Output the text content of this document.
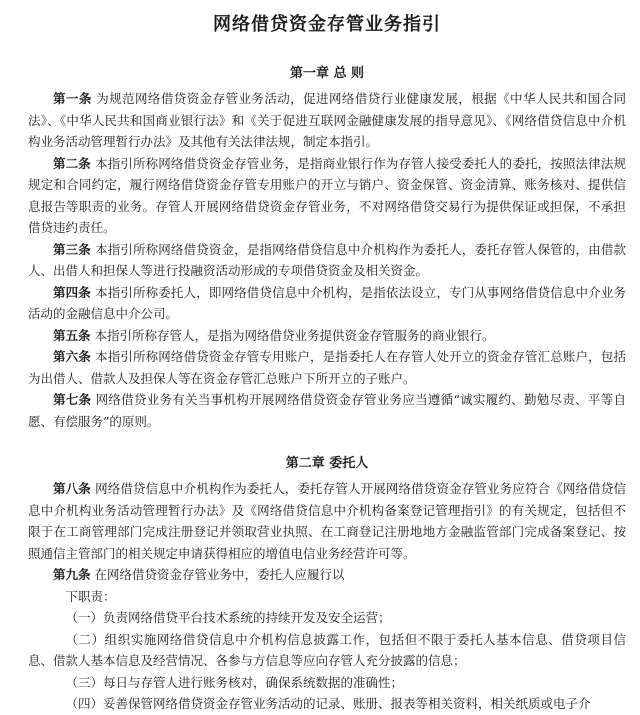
网络借贷资金存管业务指引
第一章 总 则

第一条 为规范网络借贷资金存管业务活动，促进网络借贷行业健康发展，根据《中华人民共和国合同法》、《中华人民共和国商业银行法》和《关于促进互联网金融健康发展的指导意见》、《网络借贷信息中介机构业务活动管理暂行办法》及其他有关法律法规，制定本指引。

第二条 本指引所称网络借贷资金存管业务，是指商业银行作为存管人接受委托人的委托，按照法律法规规定和合同约定，履行网络借贷资金存管专用账户的开立与销户、资金保管、资金清算、账务核对、提供信息报告等职责的业务。存管人开展网络借贷资金存管业务，不对网络借贷交易行为提供保证或担保，不承担借贷违约责任。

第三条 本指引所称网络借贷资金，是指网络借贷信息中介机构作为委托人，委托存管人保管的，由借款人、出借人和担保人等进行投融资活动形成的专项借贷资金及相关资金。

第四条 本指引所称委托人，即网络借贷信息中介机构，是指依法设立，专门从事网络借贷信息中介业务活动的金融信息中介公司。

第五条 本指引所称存管人，是指为网络借贷业务提供资金存管服务的商业银行。

第六条 本指引所称网络借贷资金存管专用账户，是指委托人在存管人处开立的资金存管汇总账户，包括为出借人、借款人及担保人等在资金存管汇总账户下所开立的子账户。

第七条 网络借贷业务有关当事机构开展网络借贷资金存管业务应当遵循“诚实履约、勤勉尽责、平等自愿、有偿服务”的原则。

第二章 委托人

第八条 网络借贷信息中介机构作为委托人，委托存管人开展网络借贷资金存管业务应符合《网络借贷信息中介机构业务活动管理暂行办法》及《网络借贷信息中介机构备案登记管理指引》的有关规定，包括但不限于在工商管理部门完成注册登记并领取营业执照、在工商登记注册地地方金融监管部门完成备案登记、按照通信主管部门的相关规定申请获得相应的增值电信业务经营许可等。

第九条 在网络借贷资金存管业务中，委托人应履行以

下职责：

（一）负责网络借贷平台技术系统的持续开发及安全运营；

（二）组织实施网络借贷信息中介机构信息披露工作，包括但不限于委托人基本信息、借贷项目信息、借款人基本信息及经营情况、各参与方信息等应向存管人充分披露的信息；

（三）每日与存管人进行账务核对，确保系统数据的准确性；

（四）妥善保管网络借贷资金存管业务活动的记录、账册、报表等相关资料，相关纸质或电子介
